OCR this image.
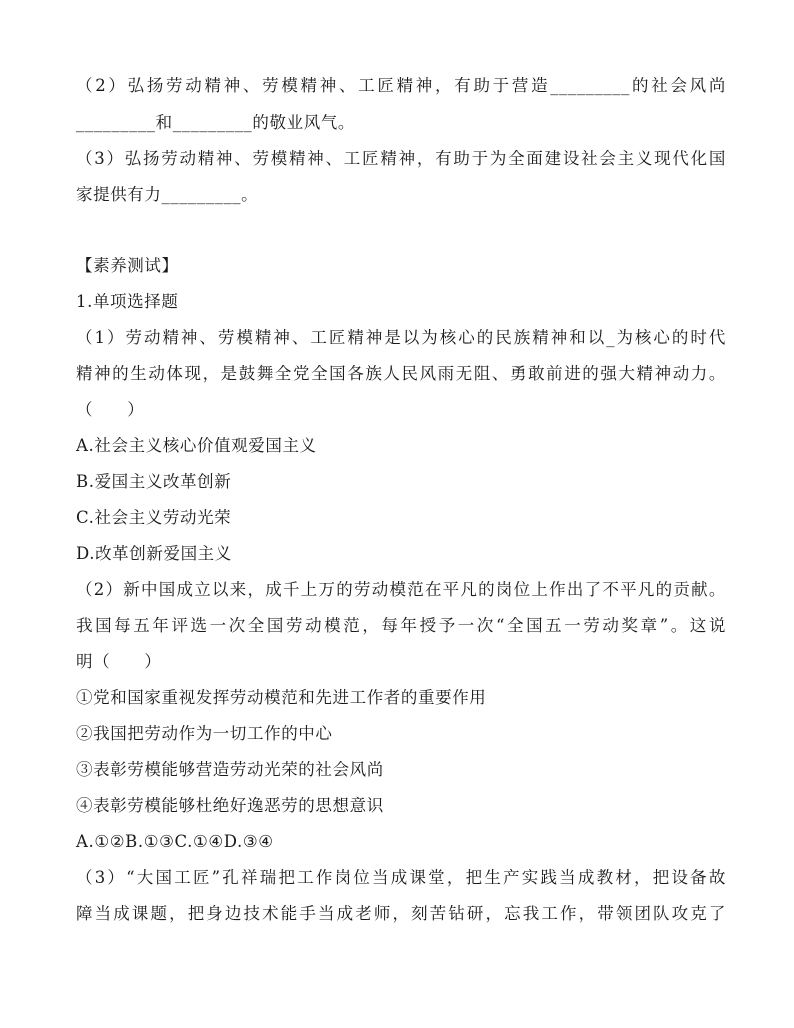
（2）弘扬劳动精神、劳模精神、工匠精神，有助于营造_________的社会风尚
_________和_________的敬业风气。
（3）弘扬劳动精神、劳模精神、工匠精神，有助于为全面建设社会主义现代化国
家提供有力_________。
【素养测试】
1.单项选择题
（1）劳动精神、劳模精神、工匠精神是以为核心的民族精神和以_为核心的时代
精神的生动体现，是鼓舞全党全国各族人民风雨无阻、勇敢前进的强大精神动力。
（　　）
A.社会主义核心价值观爱国主义
B.爱国主义改革创新
C.社会主义劳动光荣
D.改革创新爱国主义
（2）新中国成立以来，成千上万的劳动模范在平凡的岗位上作出了不平凡的贡献。
我国每五年评选一次全国劳动模范，每年授予一次“全国五一劳动奖章”。这说
明（　　）
①党和国家重视发挥劳动模范和先进工作者的重要作用
②我国把劳动作为一切工作的中心
③表彰劳模能够营造劳动光荣的社会风尚
④表彰劳模能够杜绝好逸恶劳的思想意识
A.①②B.①③C.①④D.③④
（3）“大国工匠”孔祥瑞把工作岗位当成课堂，把生产实践当成教材，把设备故
障当成课题，把身边技术能手当成老师，刻苦钻研，忘我工作，带领团队攻克了
